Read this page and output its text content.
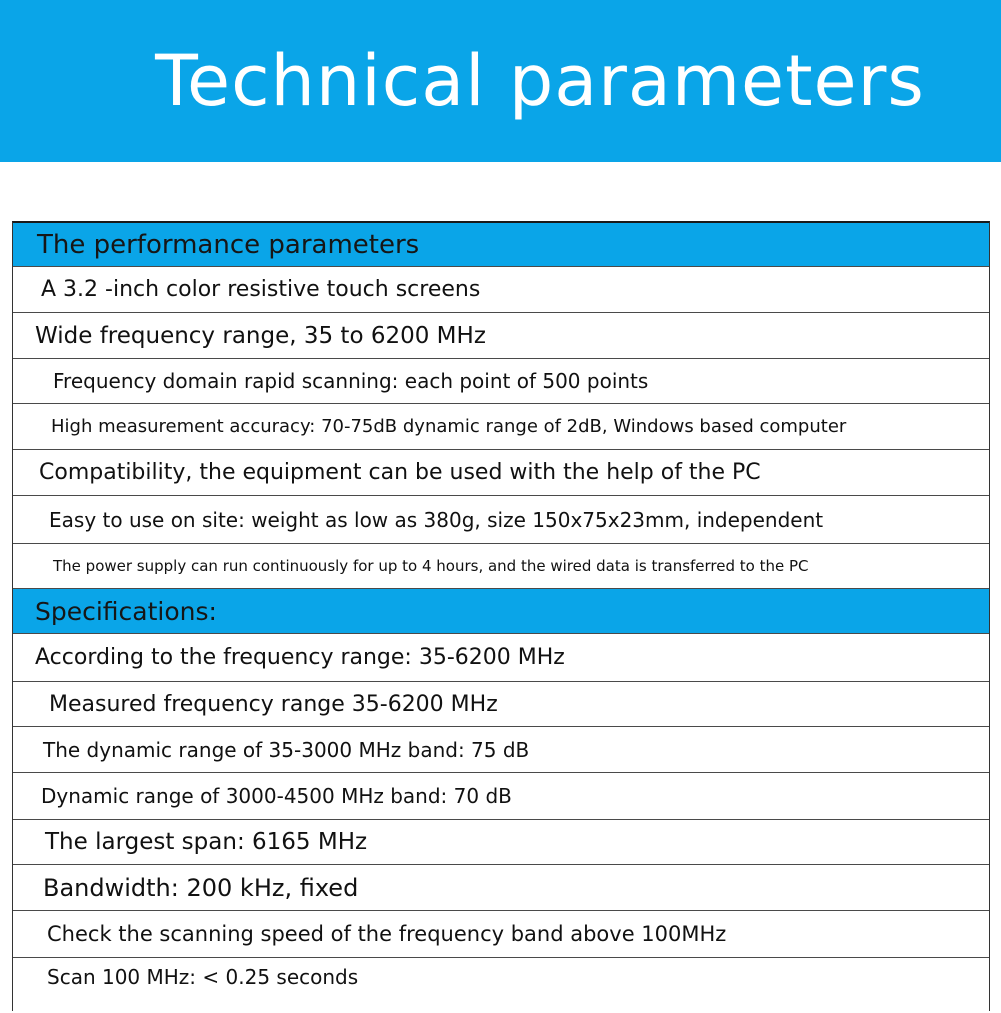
Technical parameters
The performance parameters
A 3.2 -inch color resistive touch screens
Wide frequency range, 35 to 6200 MHz
Frequency domain rapid scanning: each point of 500 points
High measurement accuracy: 70-75dB dynamic range of 2dB, Windows based computer
Compatibility, the equipment can be used with the help of the PC
Easy to use on site: weight as low as 380g, size 150x75x23mm, independent
The power supply can run continuously for up to 4 hours, and the wired data is transferred to the PC
Specifications:
According to the frequency range: 35-6200 MHz
Measured frequency range 35-6200 MHz
The dynamic range of 35-3000 MHz band: 75 dB
Dynamic range of 3000-4500 MHz band: 70 dB
The largest span: 6165 MHz
Bandwidth: 200 kHz, fixed
Check the scanning speed of the frequency band above 100MHz
Scan 100 MHz: < 0.25 seconds
